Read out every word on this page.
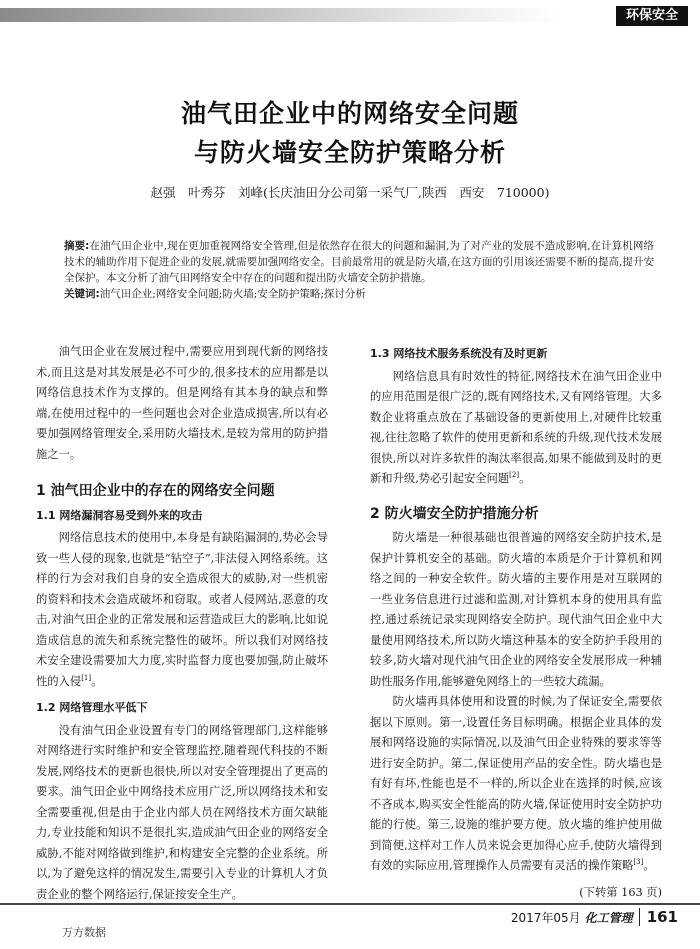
环保安全
油气田企业中的网络安全问题
与防火墙安全防护策略分析
赵强　叶秀芬　刘峰(长庆油田分公司第一采气厂,陕西　西安　710000)
摘要:在油气田企业中,现在更加重视网络安全管理,但是依然存在很大的问题和漏洞,为了对产业的发展不造成影响,在计算机网络技术的辅助作用下促进企业的发展,就需要加强网络安全。目前最常用的就是防火墙,在这方面的引用该还需要不断的提高,提升安全保护。本文分析了油气田网络安全中存在的问题和提出防火墙安全防护措施。
关键词:油气田企业;网络安全问题;防火墙;安全防护策略;探讨分析

油气田企业在发展过程中,需要应用到现代新的网络技术,而且这是对其发展是必不可少的,很多技术的应用都是以网络信息技术作为支撑的。但是网络有其本身的缺点和弊端,在使用过程中的一些问题也会对企业造成损害,所以有必要加强网络管理安全,采用防火墙技术,是较为常用的防护措施之一。

1 油气田企业中的存在的网络安全问题
1.1 网络漏洞容易受到外来的攻击

网络信息技术的使用中,本身是有缺陷漏洞的,势必会导致一些人侵的现象,也就是“钻空子”,非法侵入网络系统。这样的行为会对我们自身的安全造成很大的威胁,对一些机密的资料和技术会造成破坏和窃取。或者人侵网站,恶意的攻击,对油气田企业的正常发展和运营造成巨大的影响,比如说造成信息的流失和系统完整性的破坏。所以我们对网络技术安全建设需要加大力度,实时监督力度也要加强,防止破坏性的入侵[1]。

1.2 网络管理水平低下

没有油气田企业设置有专门的网络管理部门,这样能够对网络进行实时维护和安全管理监控,随着现代科技的不断发展,网络技术的更新也很快,所以对安全管理提出了更高的要求。油气田企业中网络技术应用广泛,所以网络技术和安全需要重视,但是由于企业内部人员在网络技术方面欠缺能力,专业技能和知识不是很扎实,造成油气田企业的网络安全威胁,不能对网络做到维护,和构建安全完整的企业系统。所以,为了避免这样的情况发生,需要引入专业的计算机人才负责企业的整个网络运行,保证按安全生产。

1.3 网络技术服务系统没有及时更新

网络信息具有时效性的特征,网络技术在油气田企业中的应用范围是很广泛的,既有网络技术,又有网络管理。大多数企业将重点放在了基础设备的更新使用上,对硬件比较重视,往往忽略了软件的使用更新和系统的升级,现代技术发展很快,所以对许多软件的淘汰率很高,如果不能做到及时的更新和升级,势必引起安全问题[2]。

2 防火墙安全防护措施分析

防火墙是一种很基础也很普遍的网络安全防护技术,是保护计算机安全的基础。防火墙的本质是介于计算机和网络之间的一种安全软件。防火墙的主要作用是对互联网的一些业务信息进行过滤和监测,对计算机本身的使用具有监控,通过系统记录实现网络安全防护。现代油气田企业中大量使用网络技术,所以防火墙这种基本的安全防护手段用的较多,防火墙对现代油气田企业的网络安全发展形成一种辅助性服务作用,能够避免网络上的一些较大疏漏。

防火墙再具体使用和设置的时候,为了保证安全,需要依据以下原则。第一,设置任务目标明确。根据企业具体的发展和网络设施的实际情况,以及油气田企业特殊的要求等等进行安全防护。第二,保证使用产品的安全性。防火墙也是有好有坏,性能也是不一样的,所以企业在选择的时候,应该不吝成本,购买安全性能高的防火墙,保证使用时安全防护功能的行使。第三,设施的维护要方便。放火墙的维护使用做到简便,这样对工作人员来说会更加得心应手,使防火墙得到有效的实际应用,管理操作人员需要有灵活的操作策略[3]。

(下转第 163 页)

2017年05月 化工管理 161
万方数据
